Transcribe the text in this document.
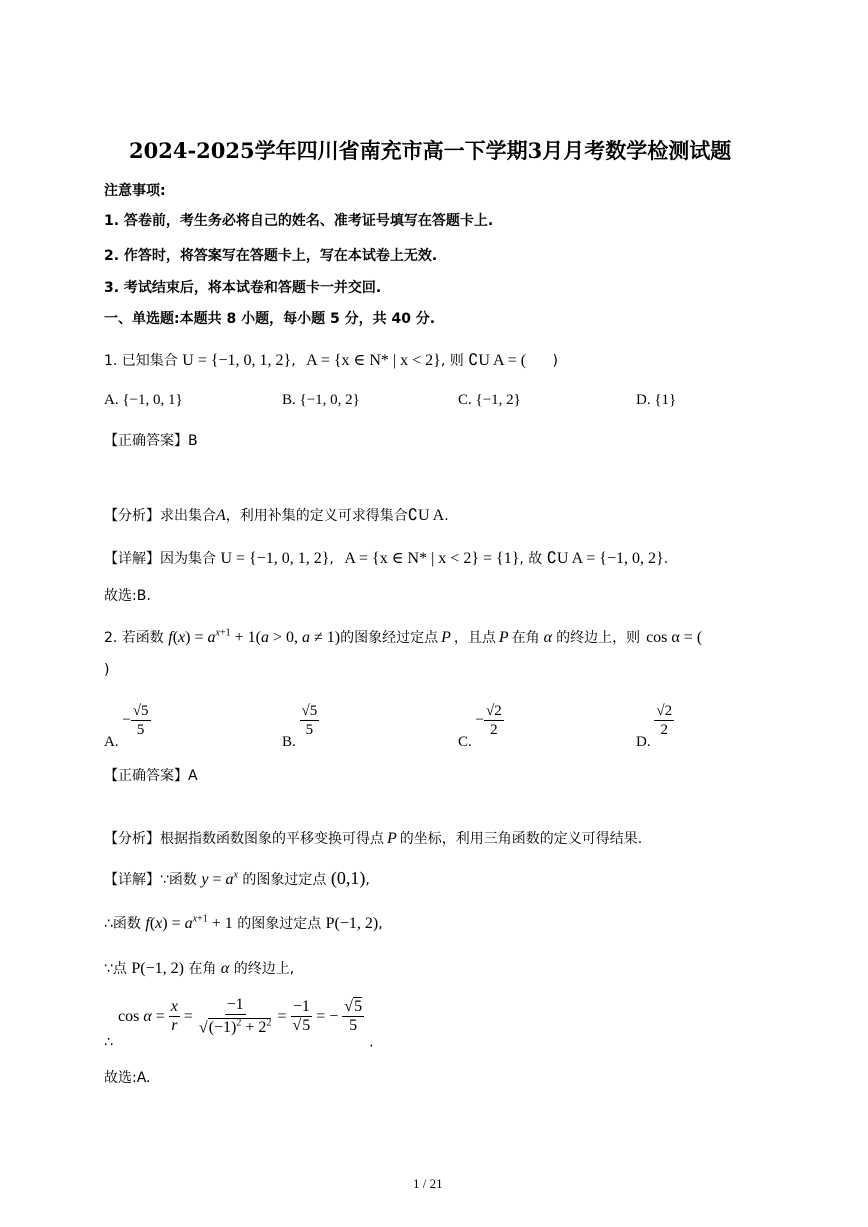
2024-2025学年四川省南充市高一下学期3月月考数学检测试题
注意事项:
1. 答卷前，考生务必将自己的姓名、准考证号填写在答题卡上.
2. 作答时，将答案写在答题卡上，写在本试卷上无效.
3. 考试结束后，将本试卷和答题卡一并交回.
一、单选题:本题共 8 小题，每小题 5 分，共 40 分.
1. 已知集合 U = {−1, 0, 1, 2}, A = {x ∈ N* | x < 2}, 则 ∁U A = ( )
A. {−1, 0, 1}	B. {−1, 0, 2}	C. {−1, 2}	D. {1}
【正确答案】B
【分析】求出集合A，利用补集的定义可求得集合∁U A.
【详解】因为集合 U = {−1, 0, 1, 2}, A = {x ∈ N* | x < 2} = {1}, 故 ∁U A = {−1, 0, 2}.
故选:B.
2. 若函数 $f(x) = a^{x+1} + 1(a > 0$, a ≠ 1)的图象经过定点 P ，且点 P 在角 α 的终边上，则 cos α = (
)
A. − $\frac{√5}{5}$
B.
$\frac{√5}{5}$
C. − $\frac{√2}{2}$
D.
$\frac{√2}{2}$
【正确答案】A
【分析】根据指数函数图象的平移变换可得点 P 的坐标，利用三角函数的定义可得结果.
【详解】∵函数 $y = a^x$ 的图象过定点 (0,1),
∴函数 $f(x) = a^{x+1} + 1$ 的图象过定点 P(−1, 2),
∵点 P(−1, 2) 在角 α 的终边上,
∴
$\cos \alpha = \frac{x}{r} = \frac{-1}{√(-1)^2 + 2^2} = \frac{-1}{√5}$ = − $\frac{√5}{5}$
.
故选:A.
1 / 21
